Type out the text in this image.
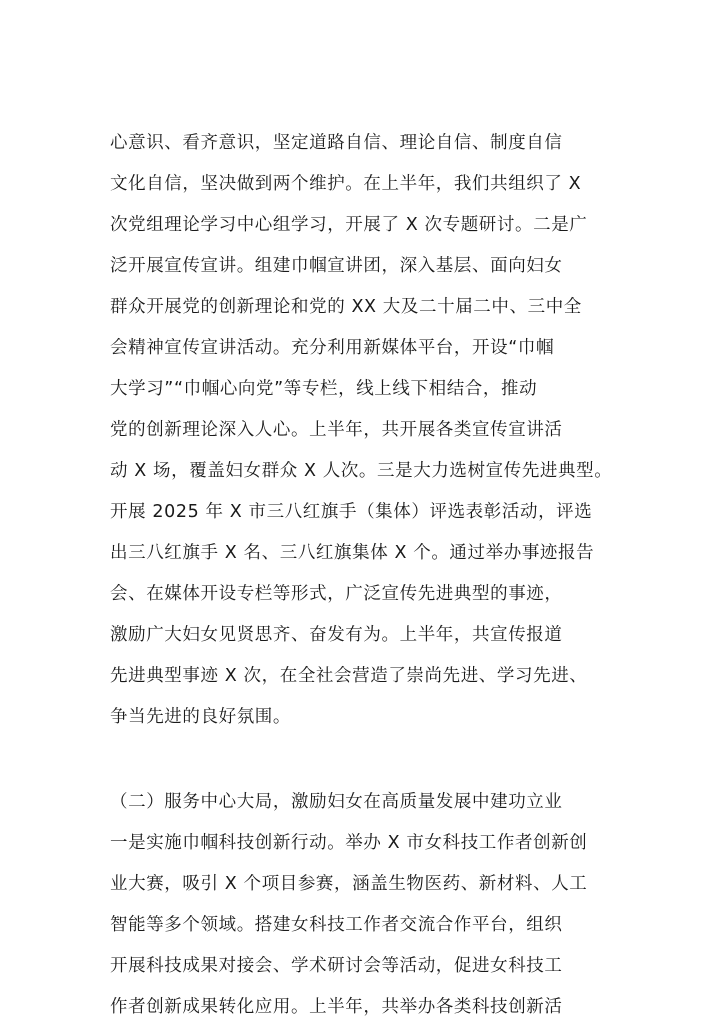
心意识、看齐意识，坚定道路自信、理论自信、制度自信
文化自信，坚决做到两个维护。在上半年，我们共组织了 X
次党组理论学习中心组学习，开展了 X 次专题研讨。二是广
泛开展宣传宣讲。组建巾帼宣讲团，深入基层、面向妇女
群众开展党的创新理论和党的 XX 大及二十届二中、三中全
会精神宣传宣讲活动。充分利用新媒体平台，开设“巾帼
大学习”“巾帼心向党”等专栏，线上线下相结合，推动
党的创新理论深入人心。上半年，共开展各类宣传宣讲活
动 X 场，覆盖妇女群众 X 人次。三是大力选树宣传先进典型。
开展 2025 年 X 市三八红旗手（集体）评选表彰活动，评选
出三八红旗手 X 名、三八红旗集体 X 个。通过举办事迹报告
会、在媒体开设专栏等形式，广泛宣传先进典型的事迹，
激励广大妇女见贤思齐、奋发有为。上半年，共宣传报道
先进典型事迹 X 次，在全社会营造了崇尚先进、学习先进、
争当先进的良好氛围。
（二）服务中心大局，激励妇女在高质量发展中建功立业
一是实施巾帼科技创新行动。举办 X 市女科技工作者创新创
业大赛，吸引 X 个项目参赛，涵盖生物医药、新材料、人工
智能等多个领域。搭建女科技工作者交流合作平台，组织
开展科技成果对接会、学术研讨会等活动，促进女科技工
作者创新成果转化应用。上半年，共举办各类科技创新活
